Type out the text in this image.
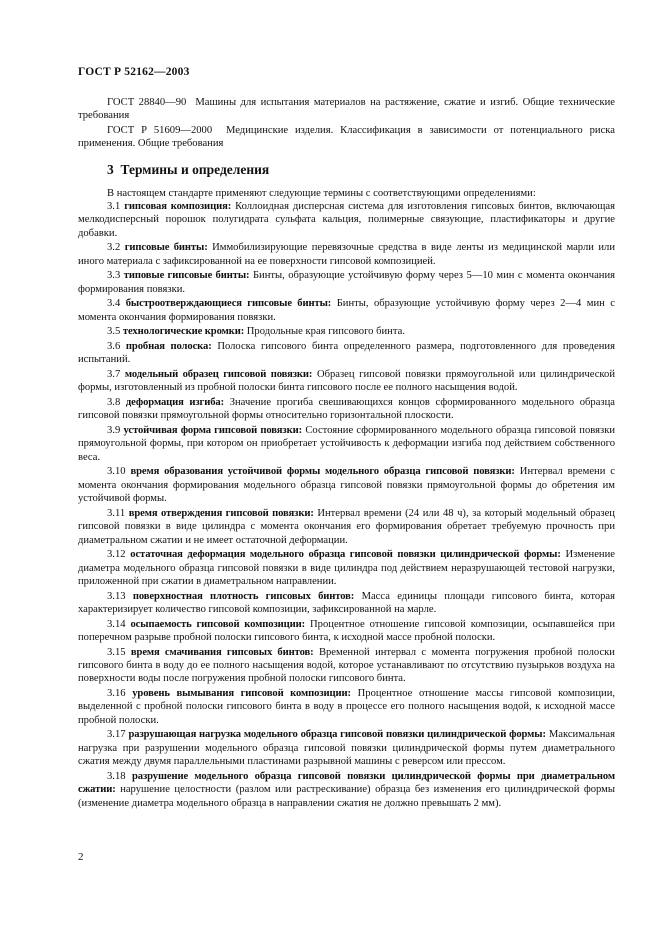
ГОСТ Р 52162—2003

ГОСТ 28840—90 Машины для испытания материалов на растяжение, сжатие и изгиб. Общие технические требования

ГОСТ Р 51609—2000 Медицинские изделия. Классификация в зависимости от потенциального риска применения. Общие требования

3 Термины и определения

В настоящем стандарте применяют следующие термины с соответствующими определениями:

3.1 гипсовая композиция: Коллоидная дисперсная система для изготовления гипсовых бинтов, включающая мелкодисперсный порошок полугидрата сульфата кальция, полимерные связующие, пластификаторы и другие добавки.

3.2 гипсовые бинты: Иммобилизирующие перевязочные средства в виде ленты из медицинской марли или иного материала с зафиксированной на ее поверхности гипсовой композицией.

3.3 типовые гипсовые бинты: Бинты, образующие устойчивую форму через 5—10 мин с момента окончания формирования повязки.

3.4 быстроотверждающиеся гипсовые бинты: Бинты, образующие устойчивую форму через 2—4 мин с момента окончания формирования повязки.

3.5 технологические кромки: Продольные края гипсового бинта.

3.6 пробная полоска: Полоска гипсового бинта определенного размера, подготовленного для проведения испытаний.

3.7 модельный образец гипсовой повязки: Образец гипсовой повязки прямоугольной или цилиндрической формы, изготовленный из пробной полоски бинта гипсового после ее полного насыщения водой.

3.8 деформация изгиба: Значение прогиба свешивающихся концов сформированного модельного образца гипсовой повязки прямоугольной формы относительно горизонтальной плоскости.

3.9 устойчивая форма гипсовой повязки: Состояние сформированного модельного образца гипсовой повязки прямоугольной формы, при котором он приобретает устойчивость к деформации изгиба под действием собственного веса.

3.10 время образования устойчивой формы модельного образца гипсовой повязки: Интервал времени с момента окончания формирования модельного образца гипсовой повязки прямоугольной формы до обретения им устойчивой формы.

3.11 время отверждения гипсовой повязки: Интервал времени (24 или 48 ч), за который модельный образец гипсовой повязки в виде цилиндра с момента окончания его формирования обретает требуемую прочность при диаметральном сжатии и не имеет остаточной деформации.

3.12 остаточная деформация модельного образца гипсовой повязки цилиндрической формы: Изменение диаметра модельного образца гипсовой повязки в виде цилиндра под действием неразрушающей тестовой нагрузки, приложенной при сжатии в диаметральном направлении.

3.13 поверхностная плотность гипсовых бинтов: Масса единицы площади гипсового бинта, которая характеризирует количество гипсовой композиции, зафиксированной на марле.

3.14 осыпаемость гипсовой композиции: Процентное отношение гипсовой композиции, осыпавшейся при поперечном разрыве пробной полоски гипсового бинта, к исходной массе пробной полоски.

3.15 время смачивания гипсовых бинтов: Временной интервал с момента погружения пробной полоски гипсового бинта в воду до ее полного насыщения водой, которое устанавливают по отсутствию пузырьков воздуха на поверхности воды после погружения пробной полоски гипсового бинта.

3.16 уровень вымывания гипсовой композиции: Процентное отношение массы гипсовой композиции, выделенной с пробной полоски гипсового бинта в воду в процессе его полного насыщения водой, к исходной массе пробной полоски.

3.17 разрушающая нагрузка модельного образца гипсовой повязки цилиндрической формы: Максимальная нагрузка при разрушении модельного образца гипсовой повязки цилиндрической формы путем диаметрального сжатия между двумя параллельными пластинами разрывной машины с реверсом или прессом.

3.18 разрушение модельного образца гипсовой повязки цилиндрической формы при диаметральном сжатии: нарушение целостности (разлом или растрескивание) образца без изменения его цилиндрической формы (изменение диаметра модельного образца в направлении сжатия не должно превышать 2 мм).

2
